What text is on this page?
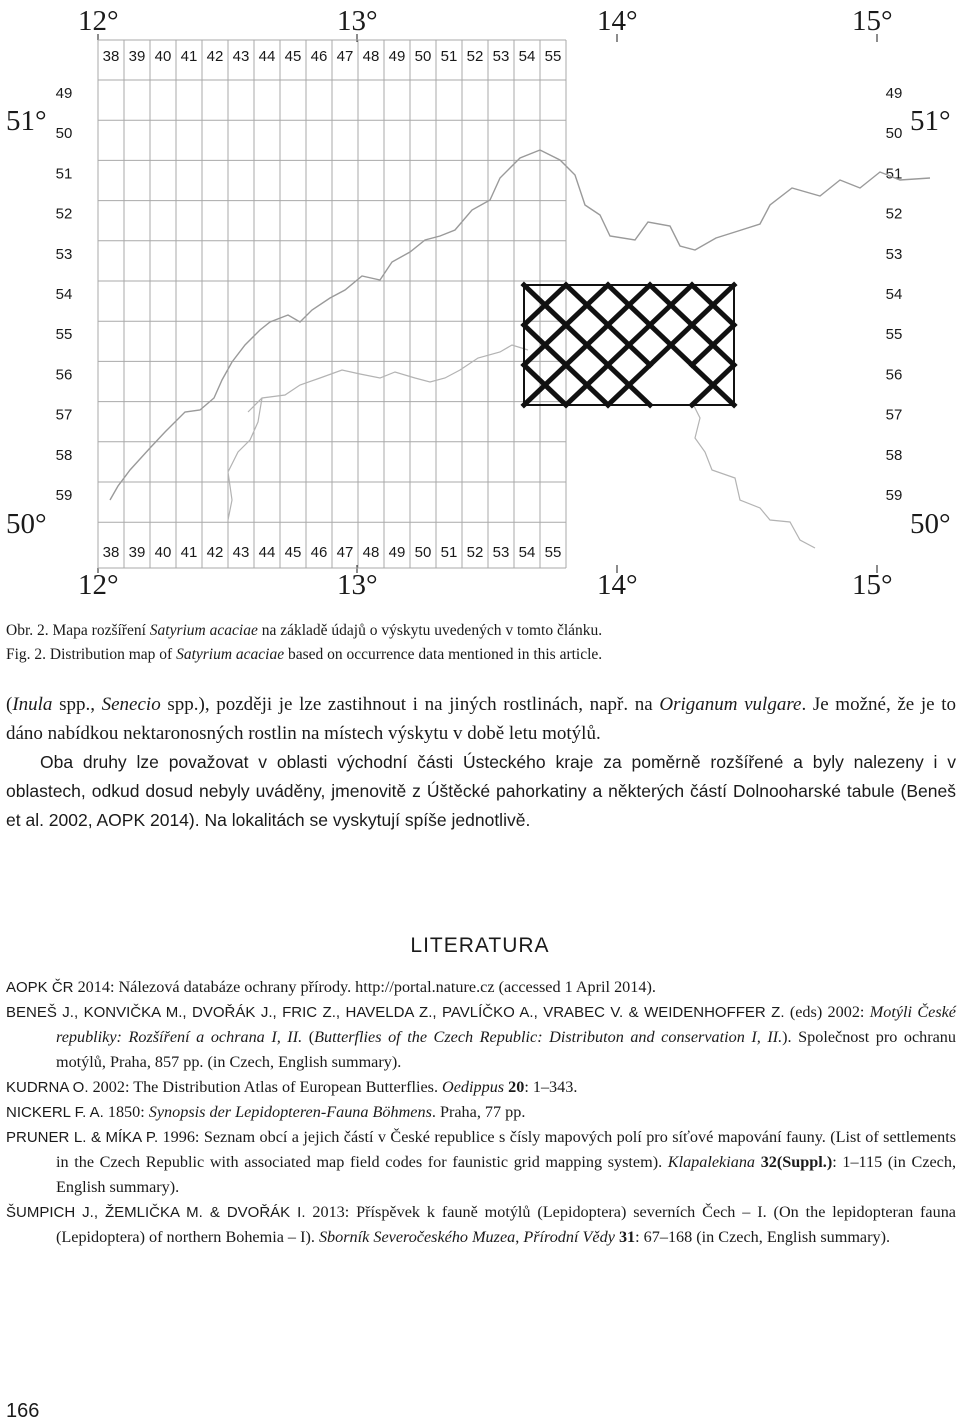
12°	13°	14°	15°
12°	13°	14°	15°
51°	51°
50°	50°
38
38
39
39
40
40
41
41
42
42
43
43
44
44
45
45
46
46
47
47
48
48
49
49
50
50
51
51
52
52
53
53
54
54
55
55
49	49
50	50
51	51
52	52
53	53
54	54
55	55
56	56
57	57
58	58
59	59
Obr. 2. Mapa rozšíření Satyrium acaciae na základě údajů o výskytu uvedených v tomto článku.
Fig. 2. Distribution map of Satyrium acaciae based on occurrence data mentioned in this article.

(Inula spp., Senecio spp.), později je lze zastihnout i na jiných rostlinách, např. na Origanum vulgare. Je možné, že je to dáno nabídkou nektaronosných rostlin na místech výskytu v době letu motýlů.

Oba druhy lze považovat v oblasti východní části Ústeckého kraje za poměrně rozšířené a byly nalezeny i v oblastech, odkud dosud nebyly uváděny, jmenovitě z Úštěcké pahorkatiny a některých částí Dolnooharské tabule (Beneš et al. 2002, AOPK 2014). Na lokalitách se vyskytují spíše jednotlivě.

LITERATURA
AOPK ČR 2014: Nálezová databáze ochrany přírody. http://portal.nature.cz (accessed 1 April 2014).
BENEŠ J., KONVIČKA M., DVOŘÁK J., FRIC Z., HAVELDA Z., PAVLÍČKO A., VRABEC V. & WEIDENHOFFER Z. (eds) 2002: Motýli České republiky: Rozšíření a ochrana I, II. (Butterflies of the Czech Republic: Distributon and conservation I, II.). Společnost pro ochranu motýlů, Praha, 857 pp. (in Czech, English summary).
KUDRNA O. 2002: The Distribution Atlas of European Butterflies. Oedippus 20: 1–343.
NICKERL F. A. 1850: Synopsis der Lepidopteren-Fauna Böhmens. Praha, 77 pp.
PRUNER L. & MÍKA P. 1996: Seznam obcí a jejich částí v České republice s čísly mapových polí pro síťové mapování fauny. (List of settlements in the Czech Republic with associated map field codes for faunistic grid mapping system). Klapalekiana 32(Suppl.): 1–115 (in Czech, English summary).
ŠUMPICH J., ŽEMLIČKA M. & DVOŘÁK I. 2013: Příspěvek k fauně motýlů (Lepidoptera) severních Čech – I. (On the lepidopteran fauna (Lepidoptera) of northern Bohemia – I). Sborník Severočeského Muzea, Přírodní Vědy 31: 67–168 (in Czech, English summary).
166
